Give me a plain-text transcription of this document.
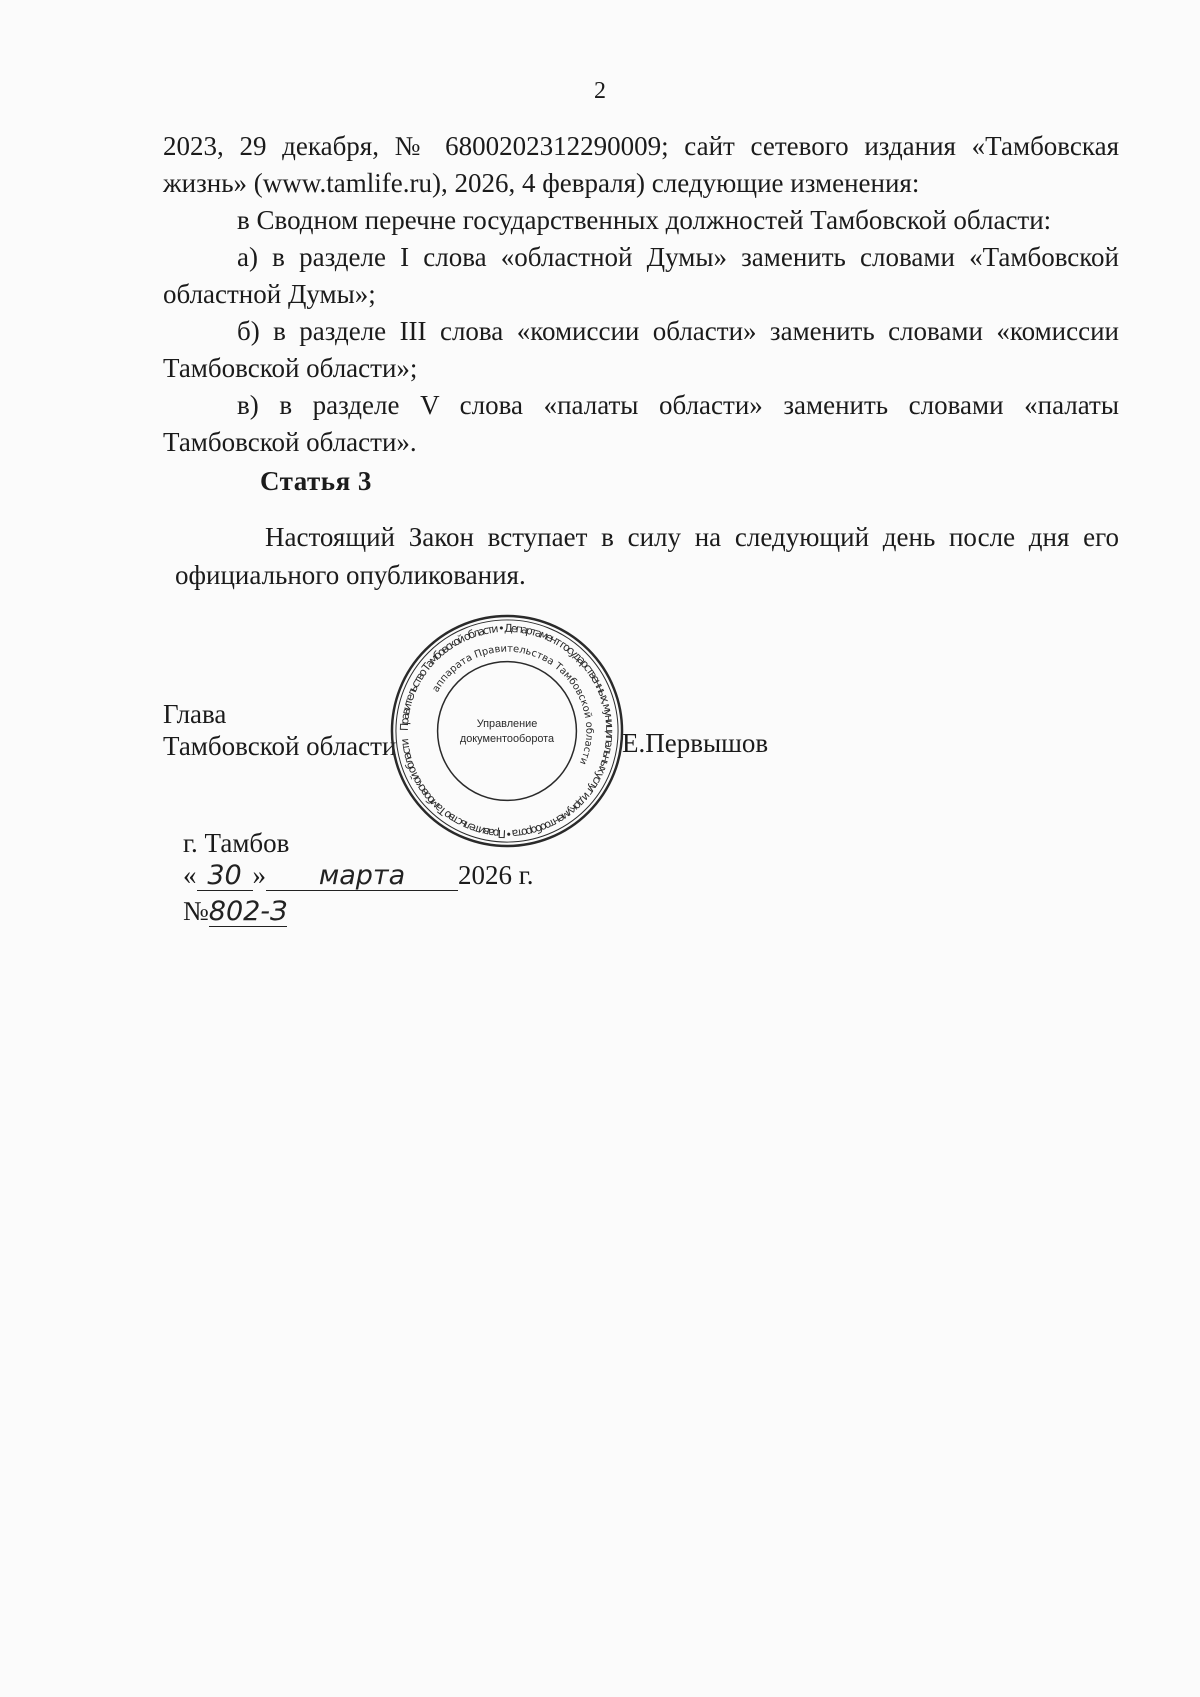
2

2023, 29 декабря, № 6800202312290009; сайт сетевого издания «Тамбовская жизнь» (www.tamlife.ru), 2026, 4 февраля) следующие изменения:

в Сводном перечне государственных должностей Тамбовской области:

а) в разделе I слова «областной Думы» заменить словами «Тамбовской областной Думы»;

б) в разделе III слова «комиссии области» заменить словами «комиссии Тамбовской области»;

в) в разделе V слова «палаты области» заменить словами «палаты Тамбовской области».

Статья 3
Настоящий Закон вступает в силу на следующий день после дня его официального опубликования.
Глава
Тамбовской области	Е.Первышов
Правительство Тамбовской области • Департамент государственных, муниципальных услуг и документооборота • Правительство Тамбовской области
аппарата Правительства Тамбовской области
Управление
документооборота
г. Тамбов
« 30 » марта 2026 г.
№802-З
